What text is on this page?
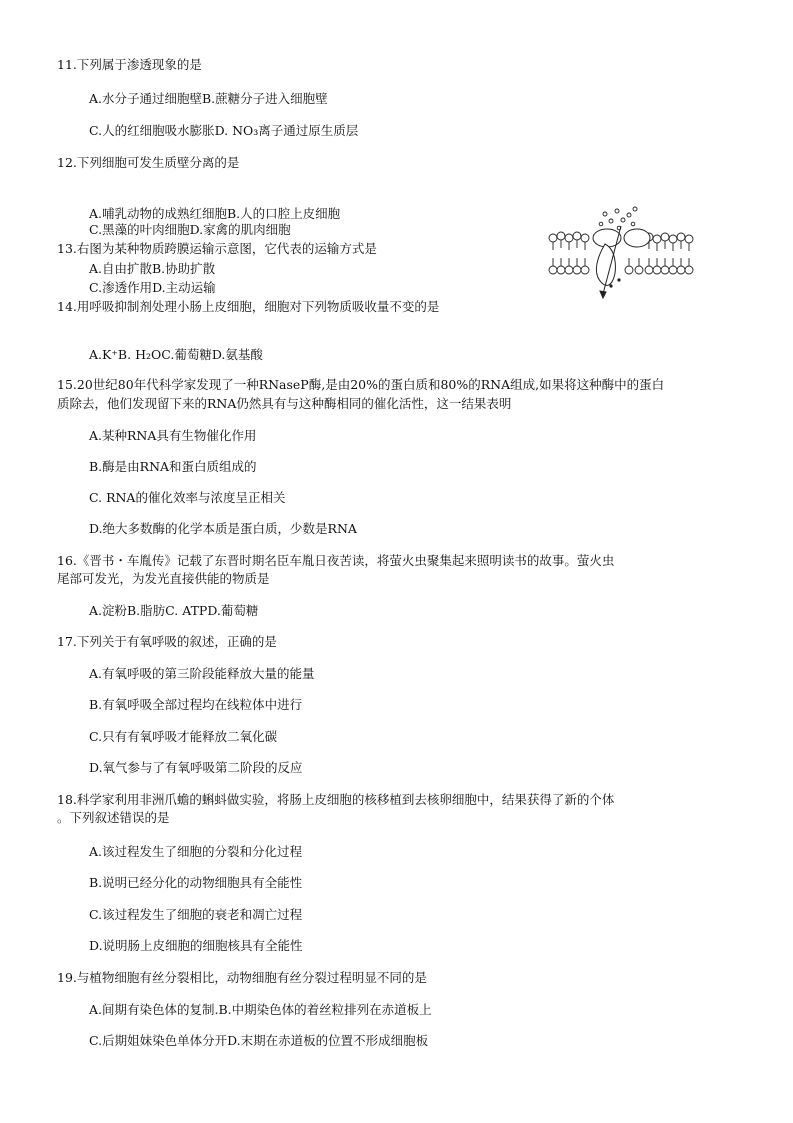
11.下列属于渗透现象的是
A.水分子通过细胞壁B.蔗糖分子进入细胞壁
C.人的红细胞吸水膨胀D. NO₃离子通过原生质层
12.下列细胞可发生质壁分离的是
A.哺乳动物的成熟红细胞B.人的口腔上皮细胞
C.黑藻的叶肉细胞D.家禽的肌肉细胞
13.右图为某种物质跨膜运输示意图，它代表的运输方式是
A.自由扩散B.协助扩散
C.渗透作用D.主动运输
14.用呼吸抑制剂处理小肠上皮细胞，细胞对下列物质吸收量不变的是
A.K⁺B. H₂OC.葡萄糖D.氨基酸
15.20世纪80年代科学家发现了一种RNaseP酶,是由20%的蛋白质和80%的RNA组成,如果将这种酶中的蛋白
质除去，他们发现留下来的RNA仍然具有与这种酶相同的催化活性，这一结果表明
A.某种RNA具有生物催化作用
B.酶是由RNA和蛋白质组成的
C. RNA的催化效率与浓度呈正相关
D.绝大多数酶的化学本质是蛋白质，少数是RNA
16.《晋书・车胤传》记载了东晋时期名臣车胤日夜苦读，将萤火虫聚集起来照明读书的故事。萤火虫
尾部可发光，为发光直接供能的物质是
A.淀粉B.脂肪C. ATPD.葡萄糖
17.下列关于有氧呼吸的叙述，正确的是
A.有氧呼吸的第三阶段能释放大量的能量
B.有氧呼吸全部过程均在线粒体中进行
C.只有有氧呼吸才能释放二氧化碳
D.氧气参与了有氧呼吸第二阶段的反应
18.科学家利用非洲爪蟾的蝌蚪做实验，将肠上皮细胞的核移植到去核卵细胞中，结果获得了新的个体
。下列叙述错误的是
A.该过程发生了细胞的分裂和分化过程
B.说明已经分化的动物细胞具有全能性
C.该过程发生了细胞的衰老和凋亡过程
D.说明肠上皮细胞的细胞核具有全能性
19.与植物细胞有丝分裂相比，动物细胞有丝分裂过程明显不同的是
A.间期有染色体的复制.B.中期染色体的着丝粒排列在赤道板上
C.后期姐妹染色单体分开D.末期在赤道板的位置不形成细胞板
